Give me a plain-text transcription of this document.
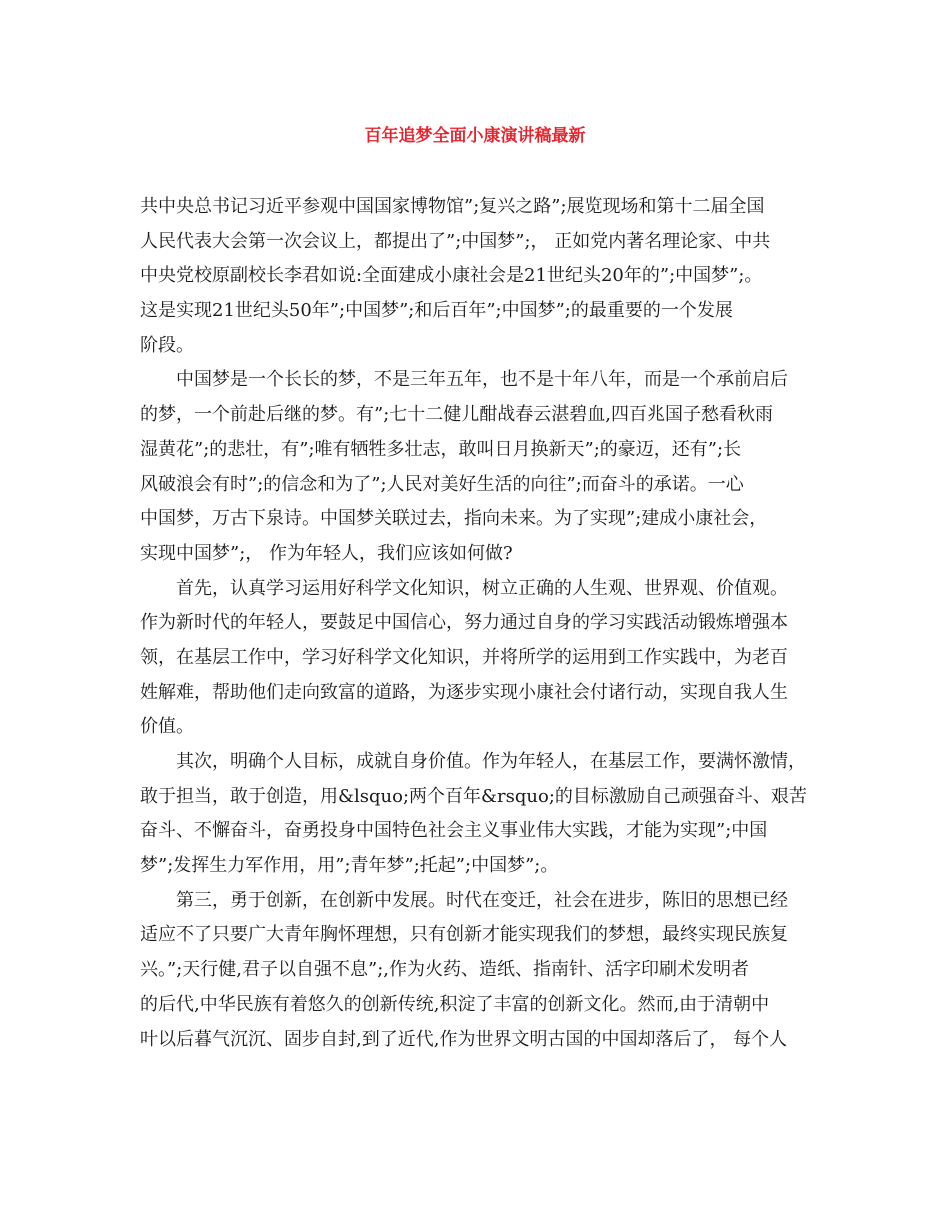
百年追梦全面小康演讲稿最新
共中央总书记习近平参观中国国家博物馆”;复兴之路”;展览现场和第十二届全国
人民代表大会第一次会议上，都提出了”;中国梦”;， 正如党内著名理论家、中共
中央党校原副校长李君如说:全面建成小康社会是21世纪头20年的”;中国梦”;。
这是实现21世纪头50年”;中国梦”;和后百年”;中国梦”;的最重要的一个发展
阶段。
中国梦是一个长长的梦，不是三年五年，也不是十年八年，而是一个承前启后
的梦，一个前赴后继的梦。有”;七十二健儿酣战春云湛碧血,四百兆国子愁看秋雨
湿黄花”;的悲壮，有”;唯有牺牲多壮志，敢叫日月换新天”;的豪迈，还有”;长
风破浪会有时”;的信念和为了”;人民对美好生活的向往”;而奋斗的承诺。一心
中国梦，万古下泉诗。中国梦关联过去，指向未来。为了实现”;建成小康社会，
实现中国梦”;， 作为年轻人，我们应该如何做?
首先，认真学习运用好科学文化知识，树立正确的人生观、世界观、价值观。
作为新时代的年轻人，要鼓足中国信心，努力通过自身的学习实践活动锻炼增强本
领，在基层工作中，学习好科学文化知识，并将所学的运用到工作实践中，为老百
姓解难，帮助他们走向致富的道路，为逐步实现小康社会付诸行动，实现自我人生
价值。
其次，明确个人目标，成就自身价值。作为年轻人，在基层工作，要满怀激情，
敢于担当，敢于创造，用&lsquo;两个百年&rsquo;的目标激励自己顽强奋斗、艰苦
奋斗、不懈奋斗，奋勇投身中国特色社会主义事业伟大实践，才能为实现”;中国
梦”;发挥生力军作用，用”;青年梦”;托起”;中国梦”;。
第三，勇于创新，在创新中发展。时代在变迁，社会在进步，陈旧的思想已经
适应不了只要广大青年胸怀理想，只有创新才能实现我们的梦想，最终实现民族复
兴。”;天行健,君子以自强不息”;,作为火药、造纸、指南针、活字印刷术发明者
的后代,中华民族有着悠久的创新传统,积淀了丰富的创新文化。然而,由于清朝中
叶以后暮气沉沉、固步自封,到了近代,作为世界文明古国的中国却落后了， 每个人
